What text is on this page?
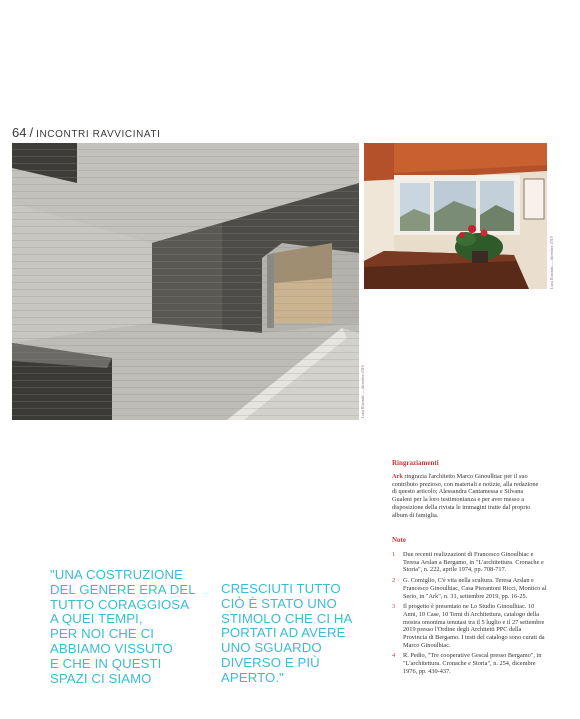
64 / INCONTRI RAVVICINATI
Luca Rotondo — dicembre 2019
Luca Rotondo — dicembre 2019
"UNA COSTRUZIONE
DEL GENERE ERA DEL
TUTTO CORAGGIOSA
A QUEI TEMPI,
PER NOI CHE CI
ABBIAMO VISSUTO
E CHE IN QUESTI
SPAZI CI SIAMO
CRESCIUTI TUTTO
CIÒ È STATO UNO
STIMOLO CHE CI HA
PORTATI AD AVERE
UNO SGUARDO
DIVERSO E PIÙ
APERTO."
Ringraziamenti
Ark ringrazia l'architetto Marco Ginoulhiac per il suo contributo prezioso, con materiali e notizie, alla redazione di questo articolo; Alessandra Cantamessa e Silvana Gualeni per la loro testimonianza e per aver messo a disposizione della rivista le immagini tratte dal proprio album di famiglia.
Note
1 Due recenti realizzazioni di Francesco Ginoulhiac e Teresa Arslan a Bergamo, in "L'architettura. Cronache e Storia", n. 222, aprile 1974, pp. 708-717.
2 G. Comiglio, C'è vita nella scultura. Teresa Arslan e Francesco Ginoulhiac, Casa Pierantoni Ricci, Montico al Serio, in "Ark", n. 31, settembre 2019, pp. 16-25.
3 Il progetto è presentato ne Lo Studio Ginoulhiac. 10 Anni, 10 Case, 10 Temi di Architettura, catalogo della mostra omonima tenutasi tra il 5 luglio e il 27 settembre 2019 presso l'Ordine degli Architetti PPC della Provincia di Bergamo. I testi del catalogo sono curati da Marco Ginoulhiac.
4 R. Pedio, "Tre cooperative Gescal presso Bergamo", in "L'architettura. Cronache e Storia", n. 254, dicembre 1976, pp. 430-437.
